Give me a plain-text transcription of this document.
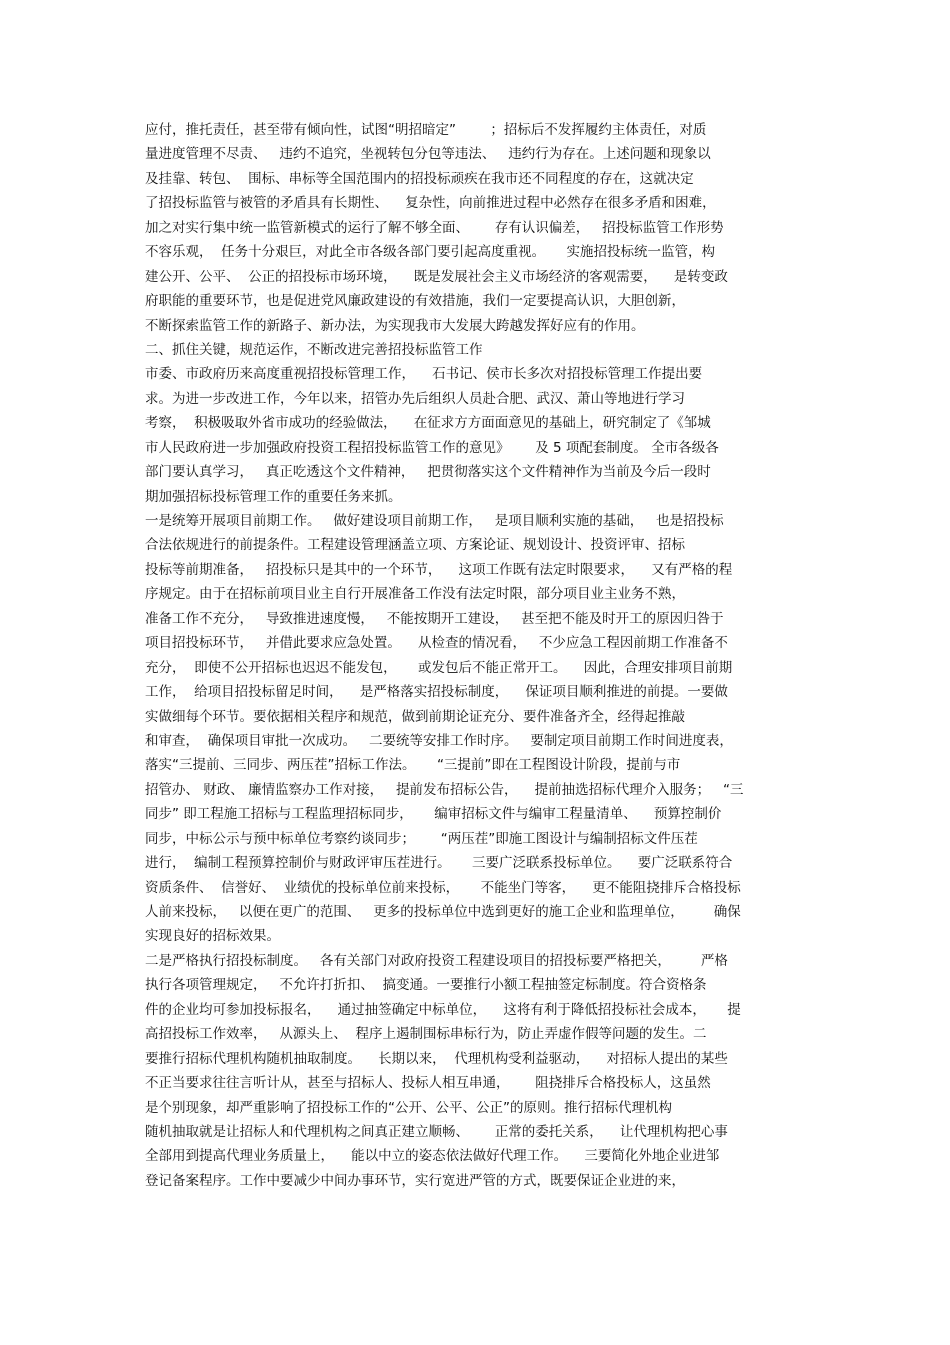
应付，推托责任，甚至带有倾向性，试图“明招暗定”        ；招标后不发挥履约主体责任，对质
量进度管理不尽责、   违约不追究，坐视转包分包等违法、   违约行为存在。上述问题和现象以
及挂靠、转包、  围标、串标等全国范围内的招投标顽疾在我市还不同程度的存在，这就决定
了招投标监管与被管的矛盾具有长期性、    复杂性，向前推进过程中必然存在很多矛盾和困难，
加之对实行集中统一监管新模式的运行了解不够全面、      存有认识偏差，   招投标监管工作形势
不容乐观，  任务十分艰巨，对此全市各级各部门要引起高度重视。     实施招投标统一监管，构
建公开、公平、  公正的招投标市场环境，    既是发展社会主义市场经济的客观需要，    是转变政
府职能的重要环节，也是促进党风廉政建设的有效措施，我们一定要提高认识，大胆创新，
不断探索监管工作的新路子、新办法，为实现我市大发展大跨越发挥好应有的作用。
二、抓住关键，规范运作，不断改进完善招投标监管工作
市委、市政府历来高度重视招投标管理工作，    石书记、侯市长多次对招投标管理工作提出要
求。为进一步改进工作，今年以来，招管办先后组织人员赴合肥、武汉、萧山等地进行学习
考察，  积极吸取外省市成功的经验做法，    在征求方方面面意见的基础上，研究制定了《邹城
市人民政府进一步加强政府投资工程招投标监管工作的意见》      及 5 项配套制度。 全市各级各
部门要认真学习，   真正吃透这个文件精神，   把贯彻落实这个文件精神作为当前及今后一段时
期加强招标投标管理工作的重要任务来抓。
一是统筹开展项目前期工作。   做好建设项目前期工作，   是项目顺利实施的基础，   也是招投标
合法依规进行的前提条件。工程建设管理涵盖立项、方案论证、规划设计、投资评审、招标
投标等前期准备，   招投标只是其中的一个环节，    这项工作既有法定时限要求，    又有严格的程
序规定。由于在招标前项目业主自行开展准备工作没有法定时限，部分项目业主业务不熟，
准备工作不充分，   导致推进速度慢，   不能按期开工建设，   甚至把不能及时开工的原因归咎于
项目招投标环节，   并借此要求应急处置。    从检查的情况看，   不少应急工程因前期工作准备不
充分，  即使不公开招标也迟迟不能发包，     或发包后不能正常开工。    因此，合理安排项目前期
工作，  给项目招投标留足时间，    是严格落实招投标制度，    保证项目顺利推进的前提。一要做
实做细每个环节。要依据相关程序和规范，做到前期论证充分、要件准备齐全，经得起推敲
和审查，  确保项目审批一次成功。   二要统等安排工作时序。   要制定项目前期工作时间进度表，
落实“三提前、三同步、两压茬”招标工作法。     “三提前”即在工程图设计阶段，提前与市
招管办、 财政、 廉情监察办工作对接，   提前发布招标公告，    提前抽选招标代理介入服务；   “三
同步” 即工程施工招标与工程监理招标同步，     编审招标文件与编审工程量清单、    预算控制价
同步，中标公示与预中标单位考察约谈同步；      “两压茬”即施工图设计与编制招标文件压茬
进行，  编制工程预算控制价与财政评审压茬进行。     三要广泛联系投标单位。    要广泛联系符合
资质条件、  信誉好、  业绩优的投标单位前来投标，     不能坐门等客，    更不能阻挠排斥合格投标
人前来投标，   以便在更广的范围、   更多的投标单位中选到更好的施工企业和监理单位，       确保
实现良好的招标效果。
二是严格执行招投标制度。   各有关部门对政府投资工程建设项目的招投标要严格把关，       严格
执行各项管理规定，   不允许打折扣、  搞变通。一要推行小额工程抽签定标制度。符合资格条
件的企业均可参加投标报名，    通过抽签确定中标单位，    这将有利于降低招投标社会成本，     提
高招投标工作效率，   从源头上、  程序上遏制围标串标行为，防止弄虚作假等问题的发生。二
要推行招标代理机构随机抽取制度。    长期以来，  代理机构受利益驱动，    对招标人提出的某些
不正当要求往往言听计从，甚至与招标人、投标人相互串通，      阻挠排斥合格投标人，这虽然
是个别现象，却严重影响了招投标工作的“公开、公平、公正”的原则。推行招标代理机构
随机抽取就是让招标人和代理机构之间真正建立顺畅、      正常的委托关系，    让代理机构把心事
全部用到提高代理业务质量上，    能以中立的姿态依法做好代理工作。    三要简化外地企业进邹
登记备案程序。工作中要减少中间办事环节，实行宽进严管的方式，既要保证企业进的来，
